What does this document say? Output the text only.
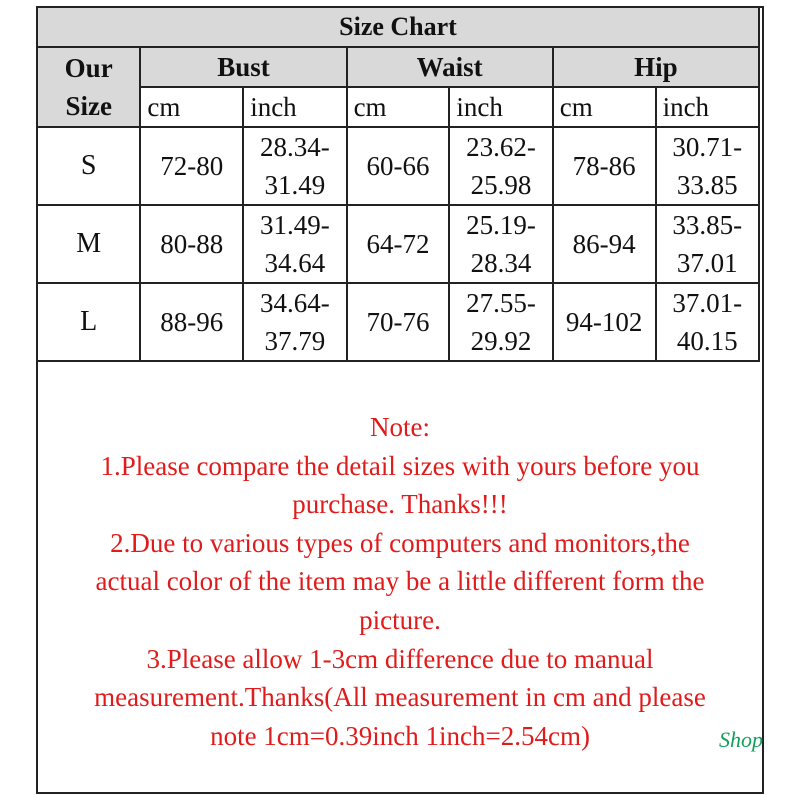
Size Chart						
Our Size	Bust		Waist		Hip	
	cm	inch	cm	inch	cm	inch
S	72-80	28.34-31.49	60-66	23.62-25.98	78-86	30.71-33.85
M	80-88	31.49-34.64	64-72	25.19-28.34	86-94	33.85-37.01
L	88-96	34.64-37.79	70-76	27.55-29.92	94-102	37.01-40.15
Note:
1.Please compare the detail sizes with yours before you
purchase. Thanks!!!
2.Due to various types of computers and monitors,the
actual color of the item may be a little different form the
picture.
3.Please allow 1-3cm difference due to manual
measurement.Thanks(All measurement in cm and please
note 1cm=0.39inch 1inch=2.54cm)	Shop
